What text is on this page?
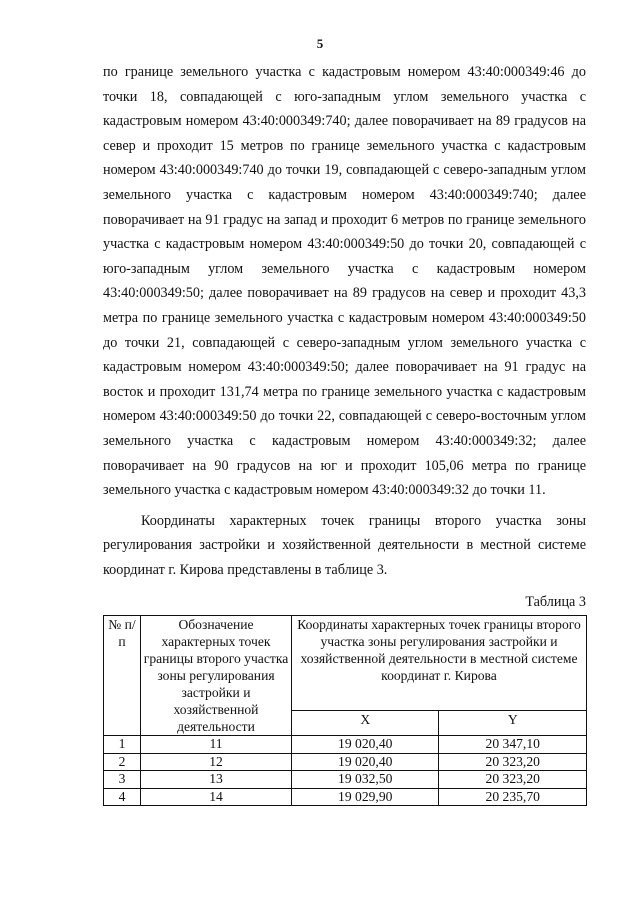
5

по границе земельного участка с кадастровым номером 43:40:000349:46 до точки 18, совпадающей с юго-западным углом земельного участка с кадастровым номером 43:40:000349:740; далее поворачивает на 89 градусов на север и проходит 15 метров по границе земельного участка с кадастровым номером 43:40:000349:740 до точки 19, совпадающей с северо-западным углом земельного участка с кадастровым номером 43:40:000349:740; далее поворачивает на 91 градус на запад и проходит 6 метров по границе земельного участка с кадастровым номером 43:40:000349:50 до точки 20, совпадающей с юго-западным углом земельного участка с кадастровым номером 43:40:000349:50; далее поворачивает на 89 градусов на север и проходит 43,3 метра по границе земельного участка с кадастровым номером 43:40:000349:50 до точки 21, совпадающей с северо-западным углом земельного участка с кадастровым номером 43:40:000349:50; далее поворачивает на 91 градус на восток и проходит 131,74 метра по границе земельного участка с кадастровым номером 43:40:000349:50 до точки 22, совпадающей с северо-восточным углом земельного участка с кадастровым номером 43:40:000349:32; далее поворачивает на 90 градусов на юг и проходит 105,06 метра по границе земельного участка с кадастровым номером 43:40:000349:32 до точки 11.

Координаты характерных точек границы второго участка зоны регулирования застройки и хозяйственной деятельности в местной системе координат г. Кирова представлены в таблице 3.

Таблица 3
№ п/п	Обозначение характерных точек границы второго участка зоны регулирования застройки и хозяйственной деятельности	Координаты характерных точек границы второго участка зоны регулирования застройки и хозяйственной деятельности в местной системе координат г. Кирова	
		X	Y
1	11	19 020,40	20 347,10
2	12	19 020,40	20 323,20
3	13	19 032,50	20 323,20
4	14	19 029,90	20 235,70
